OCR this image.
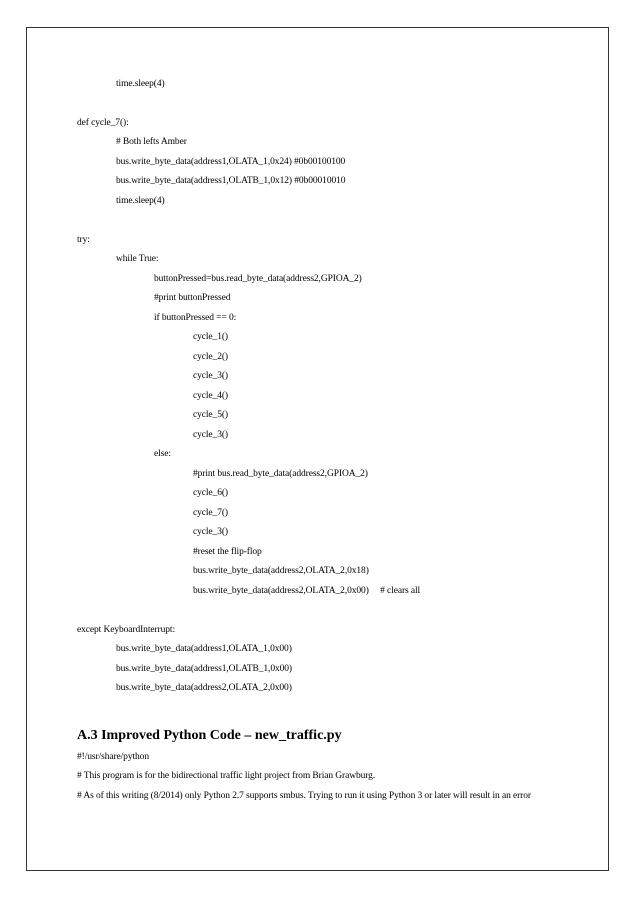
time.sleep(4)
def cycle_7():
# Both lefts Amber
bus.write_byte_data(address1,OLATA_1,0x24) #0b00100100
bus.write_byte_data(address1,OLATB_1,0x12) #0b00010010
time.sleep(4)
try:
while True:
buttonPressed=bus.read_byte_data(address2,GPIOA_2)
#print buttonPressed
if buttonPressed == 0:
cycle_1()
cycle_2()
cycle_3()
cycle_4()
cycle_5()
cycle_3()
else:
#print bus.read_byte_data(address2,GPIOA_2)
cycle_6()
cycle_7()
cycle_3()
#reset the flip-flop
bus.write_byte_data(address2,OLATA_2,0x18)
bus.write_byte_data(address2,OLATA_2,0x00)     # clears all
except KeyboardInterrupt:
bus.write_byte_data(address1,OLATA_1,0x00)
bus.write_byte_data(address1,OLATB_1,0x00)
bus.write_byte_data(address2,OLATA_2,0x00)
A.3 Improved Python Code – new_traffic.py
#!/usr/share/python
# This program is for the bidirectional traffic light project from Brian Grawburg.
# As of this writing (8/2014) only Python 2.7 supports smbus. Trying to run it using Python 3 or later will result in an error
